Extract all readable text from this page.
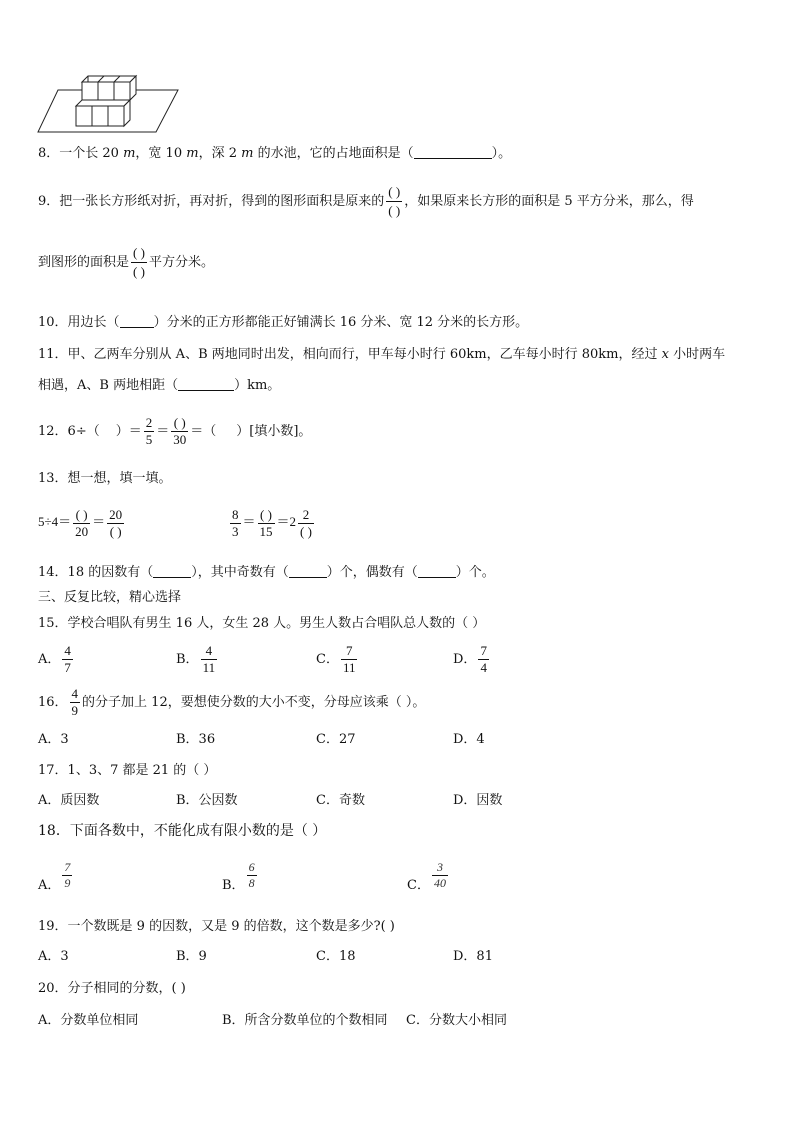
8．一个长 20 m，宽 10 m，深 2 m 的水池，它的占地面积是（	）。
9．把一张长方形纸对折，再对折，得到的图形面积是原来的 $\frac{( )}{( )}$ ，如果原来长方形的面积是 5 平方分米，那么，得
到图形的面积是 $\frac{( )}{( )}$ 平方分米。
10．用边长（	）分米的正方形都能正好铺满长 16 分米、宽 12 分米的长方形。
11．甲、乙两车分别从 A、B 两地同时出发，相向而行，甲车每小时行 60km，乙车每小时行 80km，经过 x 小时两车
相遇，A、B 两地相距（	）km。
12．6÷（ ）＝ $\frac{2}{5} = \frac{( )}{30}$ ＝（ ）[填小数]。
13．想一想，填一填。
$5\div 4= \frac{( )}{20} = \frac{20}{( )}$	$\frac{8}{3} = \frac{( )}{15} =2 \frac{2}{( )}$
14．18 的因数有（	），其中奇数有（	）个，偶数有（	）个。
三、反复比较，精心选择
15．学校合唱队有男生 16 人，女生 28 人。男生人数占合唱队总人数的（ ）
A． $\frac{4}{7}$	B． $\frac{4}{11}$	C． $\frac{7}{11}$	D． $\frac{7}{4}$
16． $\frac{4}{9}$ 的分子加上 12，要想使分数的大小不变，分母应该乘（ ）。
A．3	B．36	C．27	D．4
17．1、3、7 都是 21 的（ ）
A．质因数	B．公因数	C．奇数	D．因数
18．下面各数中，不能化成有限小数的是（ ）
A． $\frac{7}{9}$	B． $\frac{6}{8}$	C． $\frac{3}{40}$
19．一个数既是 9 的因数，又是 9 的倍数，这个数是多少?( )
A．3	B．9	C．18	D．81
20．分子相同的分数，( )
A．分数单位相同	B．所含分数单位的个数相同 C．分数大小相同
